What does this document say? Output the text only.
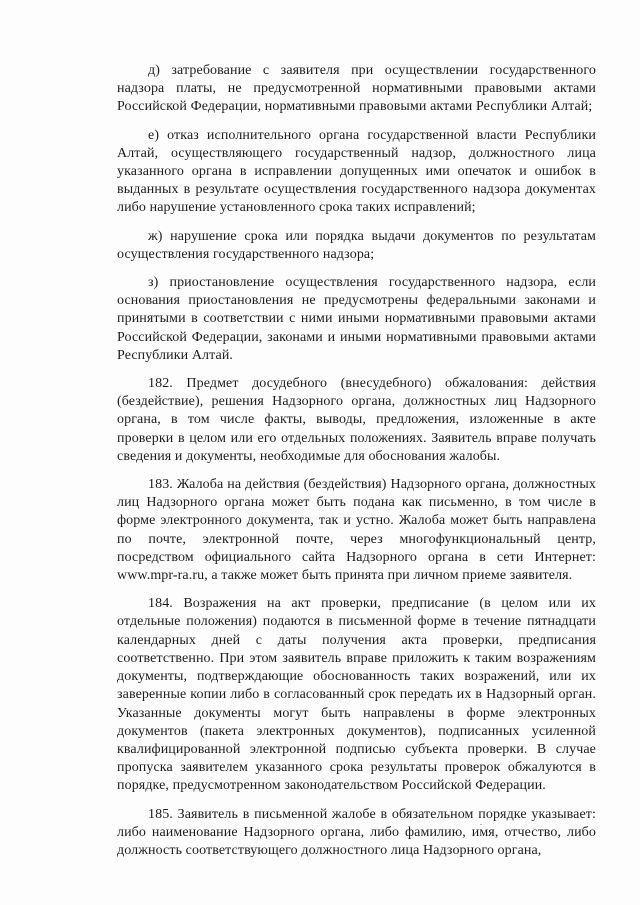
д) затребование с заявителя при осуществлении государственного надзора платы, не предусмотренной нормативными правовыми актами Российской Федерации, нормативными правовыми актами Республики Алтай;

е) отказ исполнительного органа государственной власти Республики Алтай, осуществляющего государственный надзор, должностного лица указанного органа в исправлении допущенных ими опечаток и ошибок в выданных в результате осуществления государственного надзора документах либо нарушение установленного срока таких исправлений;

ж) нарушение срока или порядка выдачи документов по результатам осуществления государственного надзора;

з) приостановление осуществления государственного надзора, если основания приостановления не предусмотрены федеральными законами и принятыми в соответствии с ними иными нормативными правовыми актами Российской Федерации, законами и иными нормативными правовыми актами Республики Алтай.

182. Предмет досудебного (внесудебного) обжалования: действия (бездействие), решения Надзорного органа, должностных лиц Надзорного органа, в том числе факты, выводы, предложения, изложенные в акте проверки в целом или его отдельных положениях. Заявитель вправе получать сведения и документы, необходимые для обоснования жалобы.

183. Жалоба на действия (бездействия) Надзорного органа, должностных лиц Надзорного органа может быть подана как письменно, в том числе в форме электронного документа, так и устно. Жалоба может быть направлена по почте, электронной почте, через многофункциональный центр, посредством официального сайта Надзорного органа в сети Интернет: www.mpr-ra.ru, а также может быть принята при личном приеме заявителя.

184. Возражения на акт проверки, предписание (в целом или их отдельные положения) подаются в письменной форме в течение пятнадцати календарных дней с даты получения акта проверки, предписания соответственно. При этом заявитель вправе приложить к таким возражениям документы, подтверждающие обоснованность таких возражений, или их заверенные копии либо в согласованный срок передать их в Надзорный орган. Указанные документы могут быть направлены в форме электронных документов (пакета электронных документов), подписанных усиленной квалифицированной электронной подписью субъекта проверки. В случае пропуска заявителем указанного срока результаты проверок обжалуются в порядке, предусмотренном законодательством Российской Федерации.

185. Заявитель в письменной жалобе в обязательном порядке указывает: либо наименование Надзорного органа, либо фамилию, имя, отчество, либо должность соответствующего должностного лица Надзорного органа,
